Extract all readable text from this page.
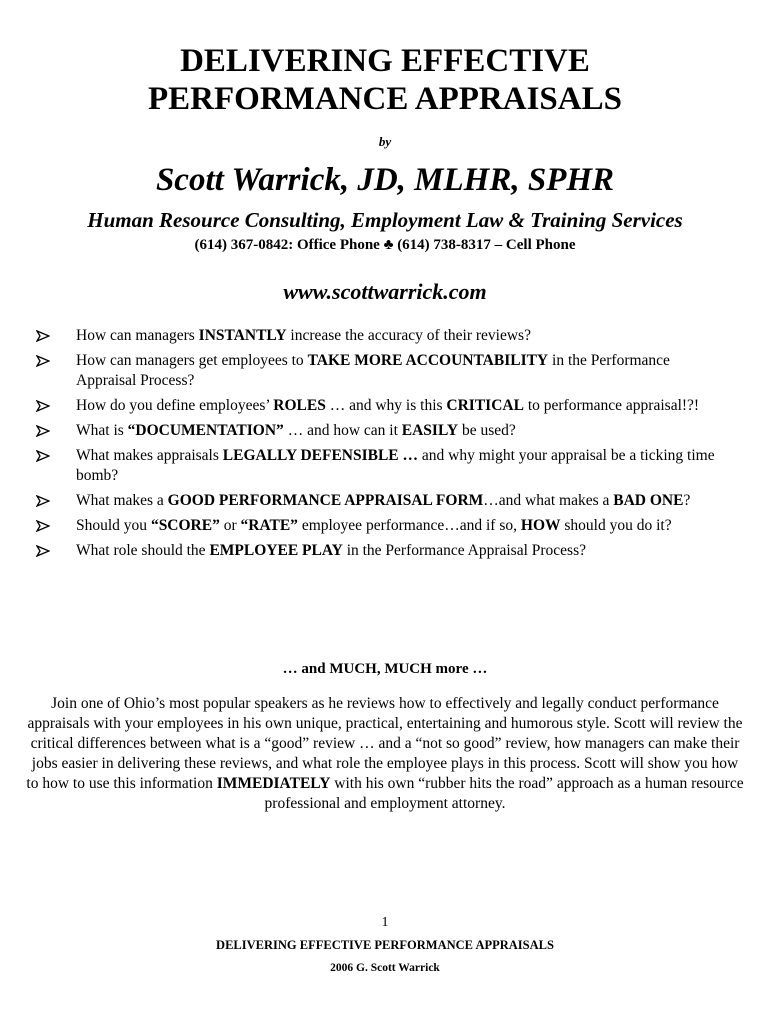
DELIVERING EFFECTIVE
PERFORMANCE APPRAISALS
by
Scott Warrick, JD, MLHR, SPHR
Human Resource Consulting, Employment Law & Training Services
(614) 367-0842: Office Phone ♣ (614) 738-8317 – Cell Phone
www.scottwarrick.com
How can managers INSTANTLY increase the accuracy of their reviews?
How can managers get employees to TAKE MORE ACCOUNTABILITY in the Performance Appraisal Process?
How do you define employees’ ROLES … and why is this CRITICAL to performance appraisal!?!
What is “DOCUMENTATION” … and how can it EASILY be used?
What makes appraisals LEGALLY DEFENSIBLE … and why might your appraisal be a ticking time bomb?
What makes a GOOD PERFORMANCE APPRAISAL FORM…and what makes a BAD ONE?
Should you “SCORE” or “RATE” employee performance…and if so, HOW should you do it?
What role should the EMPLOYEE PLAY in the Performance Appraisal Process?
… and MUCH, MUCH more …
Join one of Ohio’s most popular speakers as he reviews how to effectively and legally conduct performance appraisals with your employees in his own unique, practical, entertaining and humorous style. Scott will review the critical differences between what is a “good” review … and a “not so good” review, how managers can make their jobs easier in delivering these reviews, and what role the employee plays in this process. Scott will show you how to how to use this information IMMEDIATELY with his own “rubber hits the road” approach as a human resource professional and employment attorney.
1
DELIVERING EFFECTIVE PERFORMANCE APPRAISALS
2006 G. Scott Warrick
